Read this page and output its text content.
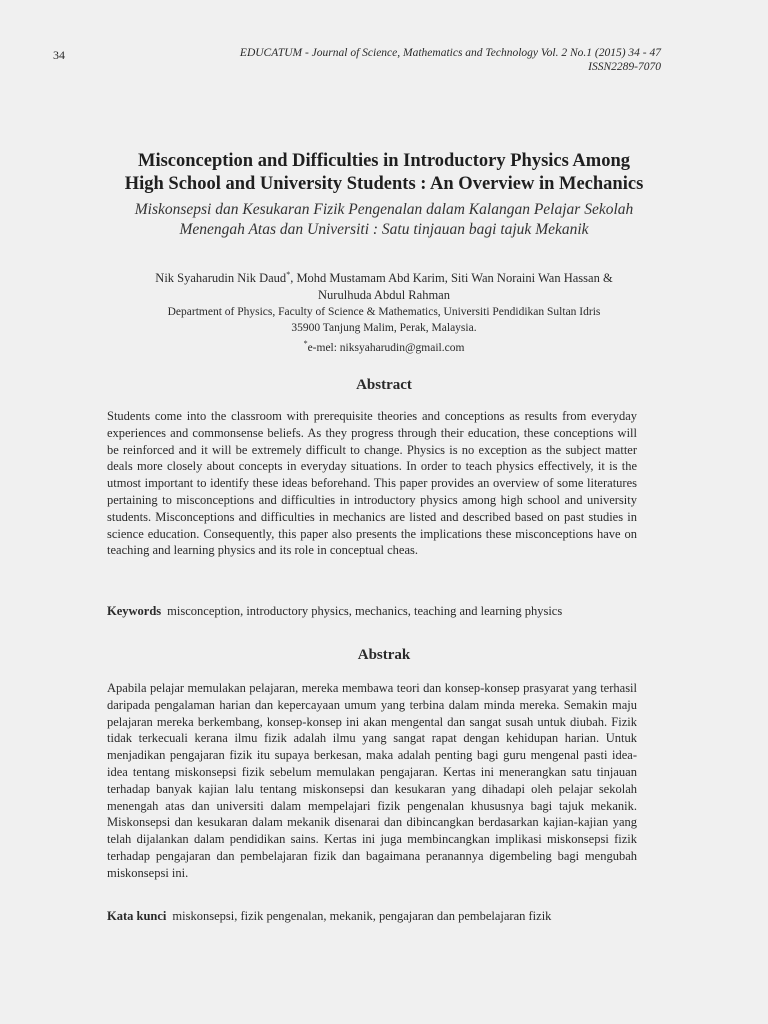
34	EDUCATUM - Journal of Science, Mathematics and Technology Vol. 2 No.1 (2015) 34 - 47
ISSN2289-7070

Misconception and Difficulties in Introductory Physics Among
High School and University Students : An Overview in Mechanics

Miskonsepsi dan Kesukaran Fizik Pengenalan dalam Kalangan Pelajar Sekolah
Menengah Atas dan Universiti : Satu tinjauan bagi tajuk Mekanik

Nik Syaharudin Nik Daud*, Mohd Mustamam Abd Karim, Siti Wan Noraini Wan Hassan &
Nurulhuda Abdul Rahman
Department of Physics, Faculty of Science & Mathematics, Universiti Pendidikan Sultan Idris
35900 Tanjung Malim, Perak, Malaysia.
*e-mel: niksyaharudin@gmail.com
Abstract

Students come into the classroom with prerequisite theories and conceptions as results from everyday experiences and commonsense beliefs. As they progress through their education, these conceptions will be reinforced and it will be extremely difficult to change. Physics is no exception as the subject matter deals more closely about concepts in everyday situations. In order to teach physics effectively, it is the utmost important to identify these ideas beforehand. This paper provides an overview of some literatures pertaining to misconceptions and difficulties in introductory physics among high school and university students. Misconceptions and difficulties in mechanics are listed and described based on past studies in science education. Consequently, this paper also presents the implications these misconceptions have on teaching and learning physics and its role in conceptual cheas.

Keywords misconception, introductory physics, mechanics, teaching and learning physics
Abstrak

Apabila pelajar memulakan pelajaran, mereka membawa teori dan konsep-konsep prasyarat yang terhasil daripada pengalaman harian dan kepercayaan umum yang terbina dalam minda mereka. Semakin maju pelajaran mereka berkembang, konsep-konsep ini akan mengental dan sangat susah untuk diubah. Fizik tidak terkecuali kerana ilmu fizik adalah ilmu yang sangat rapat dengan kehidupan harian. Untuk menjadikan pengajaran fizik itu supaya berkesan, maka adalah penting bagi guru mengenal pasti idea-idea tentang miskonsepsi fizik sebelum memulakan pengajaran. Kertas ini menerangkan satu tinjauan terhadap banyak kajian lalu tentang miskonsepsi dan kesukaran yang dihadapi oleh pelajar sekolah menengah atas dan universiti dalam mempelajari fizik pengenalan khususnya bagi tajuk mekanik. Miskonsepsi dan kesukaran dalam mekanik disenarai dan dibincangkan berdasarkan kajian-kajian yang telah dijalankan dalam pendidikan sains. Kertas ini juga membincangkan implikasi miskonsepsi fizik terhadap pengajaran dan pembelajaran fizik dan bagaimana peranannya digembeling bagi mengubah miskonsepsi ini.

Kata kunci miskonsepsi, fizik pengenalan, mekanik, pengajaran dan pembelajaran fizik
